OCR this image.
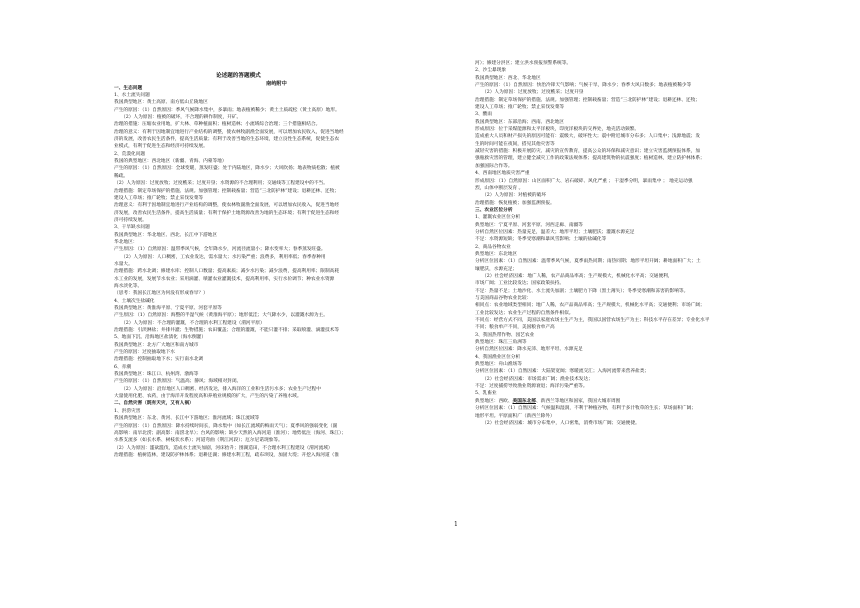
论述题的答题模式
南屿附中
一、生态问题
1、水土流失问题
我国典型地区：黄土高原、南方低山丘陵地区
产生的原因：（1）自然原因：季风气候降水集中，多暴雨；地表植被稀少；黄土土质疏松（黄土高原）地形。
　　（2）人为原因：植被的破坏，不合理的耕作制度，开矿。
治理的措施：压缩农业用地，扩大林、草种植面积；植树造林；小流域综合治理；三个措施相结合。
治理的意义：有利于因地制宜地进行产业结构的调整，使农林牧副渔全面发展，可以增加农民收入，促进当地经
济的发展，改善农民生活条件，提高生活质量；有利于改善当地的生态环境，建立良性生态系统，促使生态农
业模式，有利于促进生态和经济可持续发展。
2、荒漠化问题
我国的典型地区：西北地区（新疆、青海、内蒙等地）
产生的原因：（1）自然原因：全球变暖，蒸发旺盛；处于内陆地区，降水少；大风吹扬；地表物质松散；植被
稀疏。
（2）人为原因：过度放牧；过度樵采；过度开垦；水资源的不合理利用；交通线等工程建设中的不当。
治理措施：制定草场保护的措施、法规。加强管理；控制载畜量；营造“三北防护林”建设；退耕还林、还牧；
建设人工草场；推广轮牧；禁止采伐发菜等
治理意义：有利于因地制宜地进行产业结构的调整，使农林牧副渔全面发展，可以增加农民收入，促进当地经
济发展，改善农民生活条件，提高生活质量；有利于保护土地资源改善为地的生态环境；有利于促进生态和经
济可持续发展。
3、干旱缺水问题
我国典型地区：华北地区、西北、长江中下游地区
华北地区：
产生原因：（1）自然原因：温带季风气候，全年降水少，河流径流量小；降水变率大；春季蒸发旺盛。
　　（2）人为原因：人口稠密，工农业发达，需水量大；水污染严重；浪费多，利用率低；春季春种用
水量大。
治理措施：跨水北调；修建水库；控制人口数量；提高素质；减少水污染；减少浪费，提高利用率；限制高耗
水工业的发展，发展节水农业；采用滴灌、喷灌农业灌溉技术，提高利用率，实行水价调节；种农业水资源
海水淡化等。
（思考：我国长江地区为何没有形成春旱？）
4、土壤次生盐碱化
我国典型地区：黄淮海平原、宁夏平原、河套平原等
产生原因：（1）自然原因：海整的半湿气候（黄淮海平原）；地形低洼；大气降水少，以灌溉水源为主。
　　（2）人为原因：不合理的灌溉，不合理的水利工程建设（渭河平原）
治理措施：引淡淋盐；井排井灌；生物措施；农田覆盖；合理的灌溉，不能只灌不排；采取喷灌、滴灌技术等
5、地面下沉、沿海地区盐渍化（海水倒灌）
我国典型地区：北方广大地区和南方城市
产生的原因：过度抽取地下水
治理措施：控制抽取地下水；实行南水北调
6、赤潮
我国典型地区：珠江口、杭州湾、渤海等
产生的原因：（1）自然原因：气温高；静风；海域相对封闭。
　　（2）人为原因：沿岸地区人口稠密、经济发达，排入海洋的工业和生活污水多；农业生产过程中
大量使用化肥、农药，由于海洋开发程度高和养殖业规模的扩大，产生的污染了养殖水域。
二、自然灾害（既有天灾，又有人祸）
1、洪涝灾害
我国典型地区：东北、黄河、长江中下游地区；淮河流域；珠江流域等
产生的原因：（1）自然原因：降水持续时间长，降水集中（如长江流域的梅雨天气）；夏季风的强弱变化（副
高影响：南旱北涝；副高影：南涝北旱）；台风的影响；缺少天然的入海河道（淮河）；地势低注（海河、珠江）；
水系支流多（如长水系、树枝状水系）；河道弯曲（荆江河段）；厄尔尼诺现象等。
（2）人为原因：滥砍滥伐，造成水土流失加剧，河床抬升；围湖造田，不合理水利工程建设（渭河流域）
治理措施：植树造林，建设防护林体系；退耕还湖；修建水利工程，疏布坝设，加固大堤；开挖入海河道（淮
河）；修建分洪区；建立洪水预报预警系统等。
2、沙尘暴现象
我国典型地区：西北、华北地区
产生的原因：（1）自然原因：快治冷锋天气影响；气候干旱，降水少；春季大风日数多；地表植被稀少等
　　（2）人为原因：过度放牧；过度樵采；过度开垦
治理措施：制定草场保护的措施、法规。加强管理；控制载畜量；营造“三北防护林”建设；退耕还林、还牧；
建设人工草场；推广轮牧；禁止采伐发菜等
3、酸雨
我国典型地区：东部沿海；西南、西北地区
形成原因：位于采煤能源和太平洋板块，印度洋板块的交界处，地壳活动频繁。
造成重大人员和财产损失的原因可能有：震级大，破坏性大；震中附近城市分布多；人口集中；浅源地震；发
生的时间可能在夜间，搭见其他灾害等
减轻灾害的措施：积极开展防灾、减灾的宣传教育，提高公众的环保和减灾意识；建立灾害监测预报体系，加
强瓶救灾害的管理，建立健全减灾工作的政策法规体系；提高建筑物的抗震强度；植树造林，建立防护林体系；
加强国际合作等。
4、西南地区地质灾害严重
形成原因：（1）自然原因：山区面积广大、岩石破碎、风化严重 ； 干湿季分明，暴雨集中 ； 地壳运动强
烈，山体中断层发育 。
　　（2）人为原因：对植被的破坏
治理措施：恢复植被；加强监测预报。
三、农业区位分析
1、灌溉农业区位分析
典型地区：宁夏平原、河套平原、河西走廊、南疆等
分析自然区位因素：热量充足，温差大；地形平坦；土壤肥沃；灌溉水源充足
不足：水资源短缺；冬季受寒潮和暴风雪影响；土壤的盐碱化等
2、商品谷物农业
典型地区：东北地区
分析区位因素：（1）自然因素：温带季风气候，夏季雨热同期；雨热同期；地形平坦开阔；耕地面积广大；土
壤肥沃，水源充足；
　　（2）社会经济因素：地广人稀，农产品商品率高；生产规模大，机械化水平高；交通便利，
市场广阔；工业比较发达；国家政策扶持。
不足：热量不足；土地沙化、水土流失加剧；土壤肥力下降（黑土薄失）；冬季受寒潮和冻害的影响等。
与美国商品谷物农业比较：
相同点：农业地域类型相同；地广人稀，农产品商品率高；生产规模大，机械化水平高；交通便利；市场广阔；
工业比较发达；农业生产过程的自然条件相似。
不同点：经营方式不同，美国以家庭农场主生产为主，我国以国营农场生产为主；科技水平存在差异；专业化水平
不同；粮食单产不同，美国粮食单产高
3、我国热带作物、园艺农业
典型地区：珠江三角洲等
分析自然区位因素：降水充沛、地形平坦、水源充足
4、我国渔业区位分析
典型地区：舟山渔场等
分析区位因素：（1）自然因素：大陆架宽阔；寒暖流交汇；入海河流带来营养盐类；
　　（2）社会经济因素：市场需求广阔；渔业技术发达；
不足：过度捕捞导致渔业资源衰退；海洋污染严重等。
5、乳畜业
典型地区：西欧、美国东北部、新西兰等地区和国家，我国大城市周围
分析区位因素：（1）自然因素：气候温和湿润，不利于种植谷物，有利于多汁牧草的生长；草场面积广阔；
地形平坦。平原面积广（新西兰除外）
　　（2）社会经济因素：城市分布集中，人口密集，消费市场广阔；交通便捷。
1
